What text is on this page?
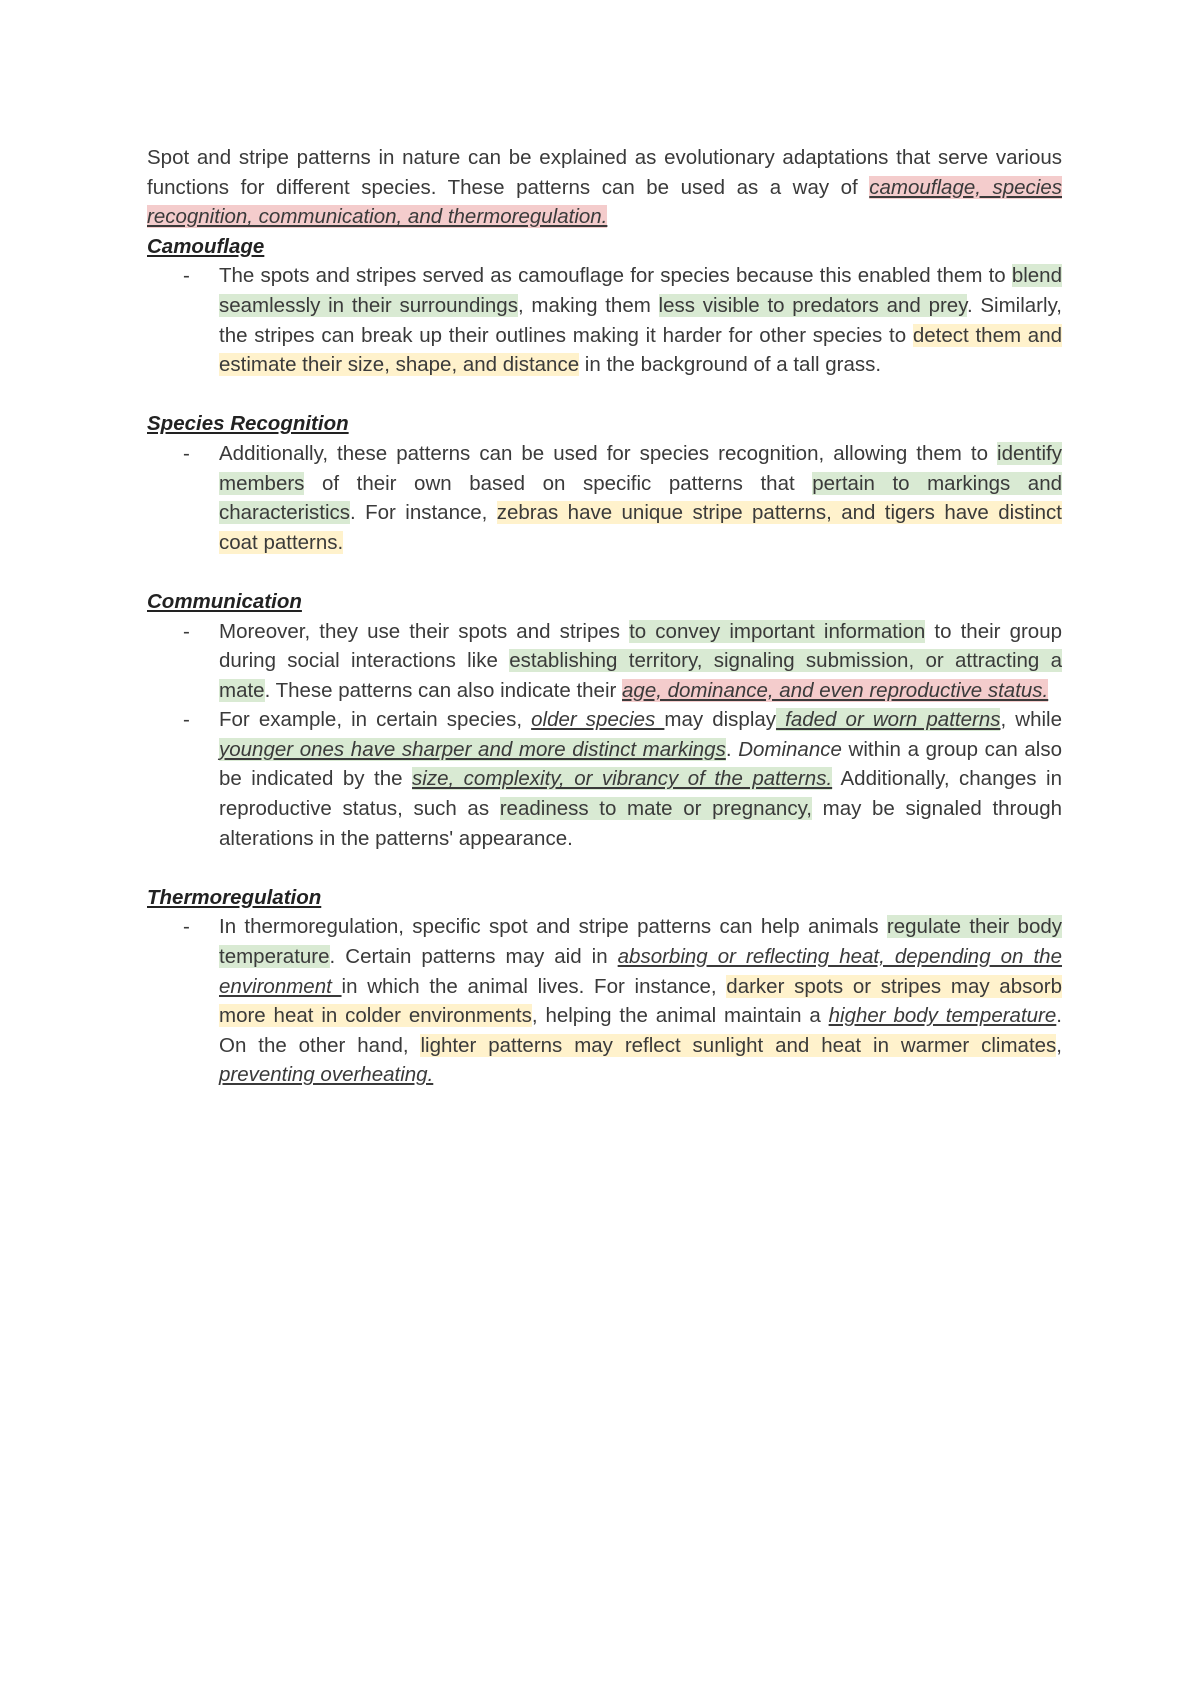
Spot and stripe patterns in nature can be explained as evolutionary adaptations that serve various functions for different species. These patterns can be used as a way of camouflage, species recognition, communication, and thermoregulation.

Camouflage
- The spots and stripes served as camouflage for species because this enabled them to blend seamlessly in their surroundings, making them less visible to predators and prey. Similarly, the stripes can break up their outlines making it harder for other species to detect them and estimate their size, shape, and distance in the background of a tall grass.
Species Recognition
- Additionally, these patterns can be used for species recognition, allowing them to identify members of their own based on specific patterns that pertain to markings and characteristics. For instance, zebras have unique stripe patterns, and tigers have distinct coat patterns.
Communication
- Moreover, they use their spots and stripes to convey important information to their group during social interactions like establishing territory, signaling submission, or attracting a mate. These patterns can also indicate their age, dominance, and even reproductive status.
- For example, in certain species, older species may display faded or worn patterns, while younger ones have sharper and more distinct markings. Dominance within a group can also be indicated by the size, complexity, or vibrancy of the patterns. Additionally, changes in reproductive status, such as readiness to mate or pregnancy, may be signaled through alterations in the patterns' appearance.
Thermoregulation
- In thermoregulation, specific spot and stripe patterns can help animals regulate their body temperature. Certain patterns may aid in absorbing or reflecting heat, depending on the environment in which the animal lives. For instance, darker spots or stripes may absorb more heat in colder environments, helping the animal maintain a higher body temperature. On the other hand, lighter patterns may reflect sunlight and heat in warmer climates, preventing overheating.
